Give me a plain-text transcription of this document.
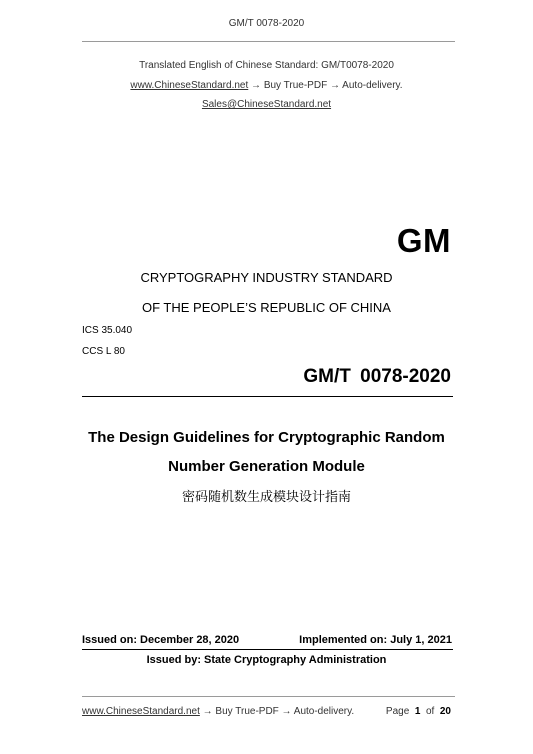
GM/T 0078-2020
Translated English of Chinese Standard: GM/T0078-2020
www.ChineseStandard.net → Buy True-PDF → Auto-delivery.
Sales@ChineseStandard.net
GM
CRYPTOGRAPHY INDUSTRY STANDARD
OF THE PEOPLE’S REPUBLIC OF CHINA
ICS 35.040
CCS L 80
GM/T 0078-2020
The Design Guidelines for Cryptographic Random
Number Generation Module
密码随机数生成模块设计指南
Issued on: December 28, 2020	Implemented on: July 1, 2021
Issued by: State Cryptography Administration
www.ChineseStandard.net → Buy True-PDF → Auto-delivery.	Page 1 of 20
